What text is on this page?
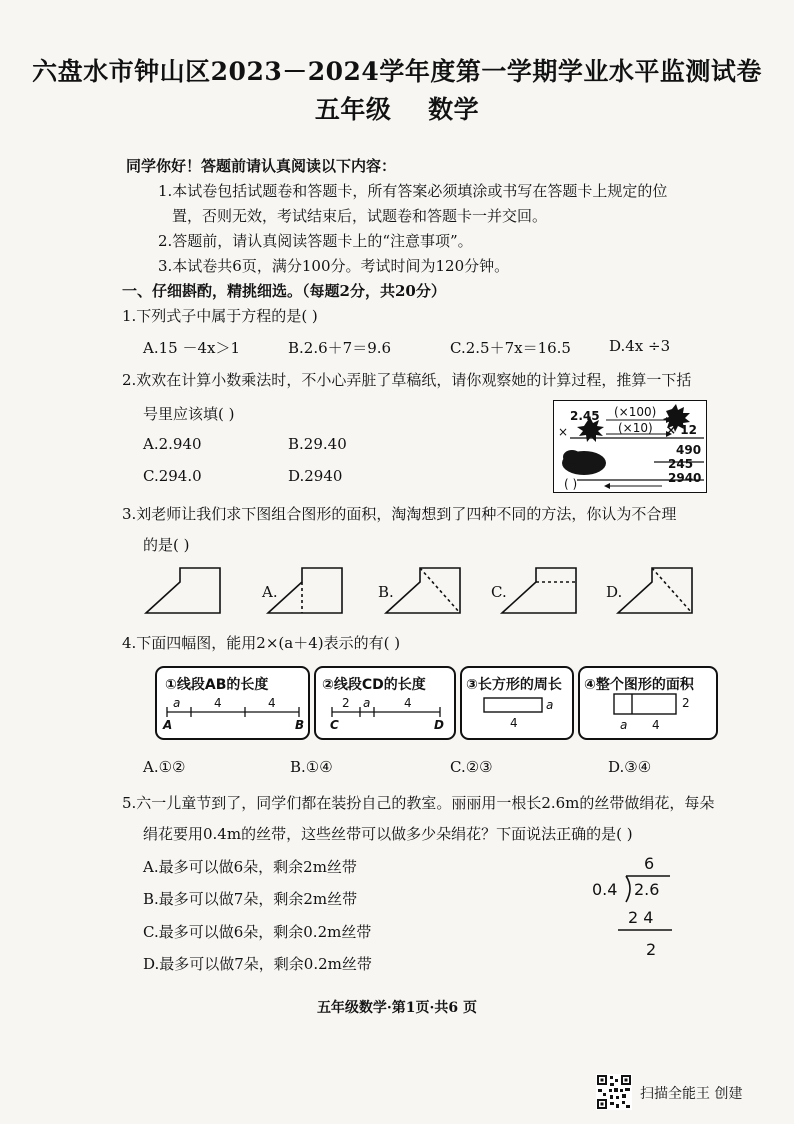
六盘水市钟山区2023－2024学年度第一学期学业水平监测试卷
五年级    数学
同学你好！答题前请认真阅读以下内容：
1.本试卷包括试题卷和答题卡，所有答案必须填涂或书写在答题卡上规定的位
置，否则无效，考试结束后，试题卷和答题卡一并交回。
2.答题前，请认真阅读答题卡上的“注意事项”。
3.本试卷共6页，满分100分。考试时间为120分钟。
一、仔细斟酌，精挑细选。（每题2分，共20分）
1.下列式子中属于方程的是( )
A.15 －4x＞1	B.2.6＋7＝9.6	C.2.5＋7x＝16.5	D.4x ÷3
2.欢欢在计算小数乘法时，不小心弄脏了草稿纸，请你观察她的计算过程，推算一下括
号里应该填( )
A.2.940	B.29.40
C.294.0	D.2940
2.45
×
(×100)
(×10) × 12
490
245
2940
( )
3.刘老师让我们求下图组合图形的面积，淘淘想到了四种不同的方法，你认为不合理
的是( )
A.	B.	C.	D.
4.下面四幅图，能用2×(a＋4)表示的有( )
①线段AB的长度
a	4	4
A	B
②线段CD的长度
2 a	4
C	D
③长方形的周长
a
4
④整个图形的面积
2
a 4
A.①②	B.①④	C.②③	D.③④
5.六一儿童节到了，同学们都在装扮自己的教室。丽丽用一根长2.6m的丝带做绢花，每朵
绢花要用0.4m的丝带，这些丝带可以做多少朵绢花？下面说法正确的是( )
A.最多可以做6朵，剩余2m丝带
B.最多可以做7朵，剩余2m丝带
C.最多可以做6朵，剩余0.2m丝带
D.最多可以做7朵，剩余0.2m丝带
6
0.4 2.6
2 4
2
五年级数学·第1页·共6 页
扫描全能王 创建
